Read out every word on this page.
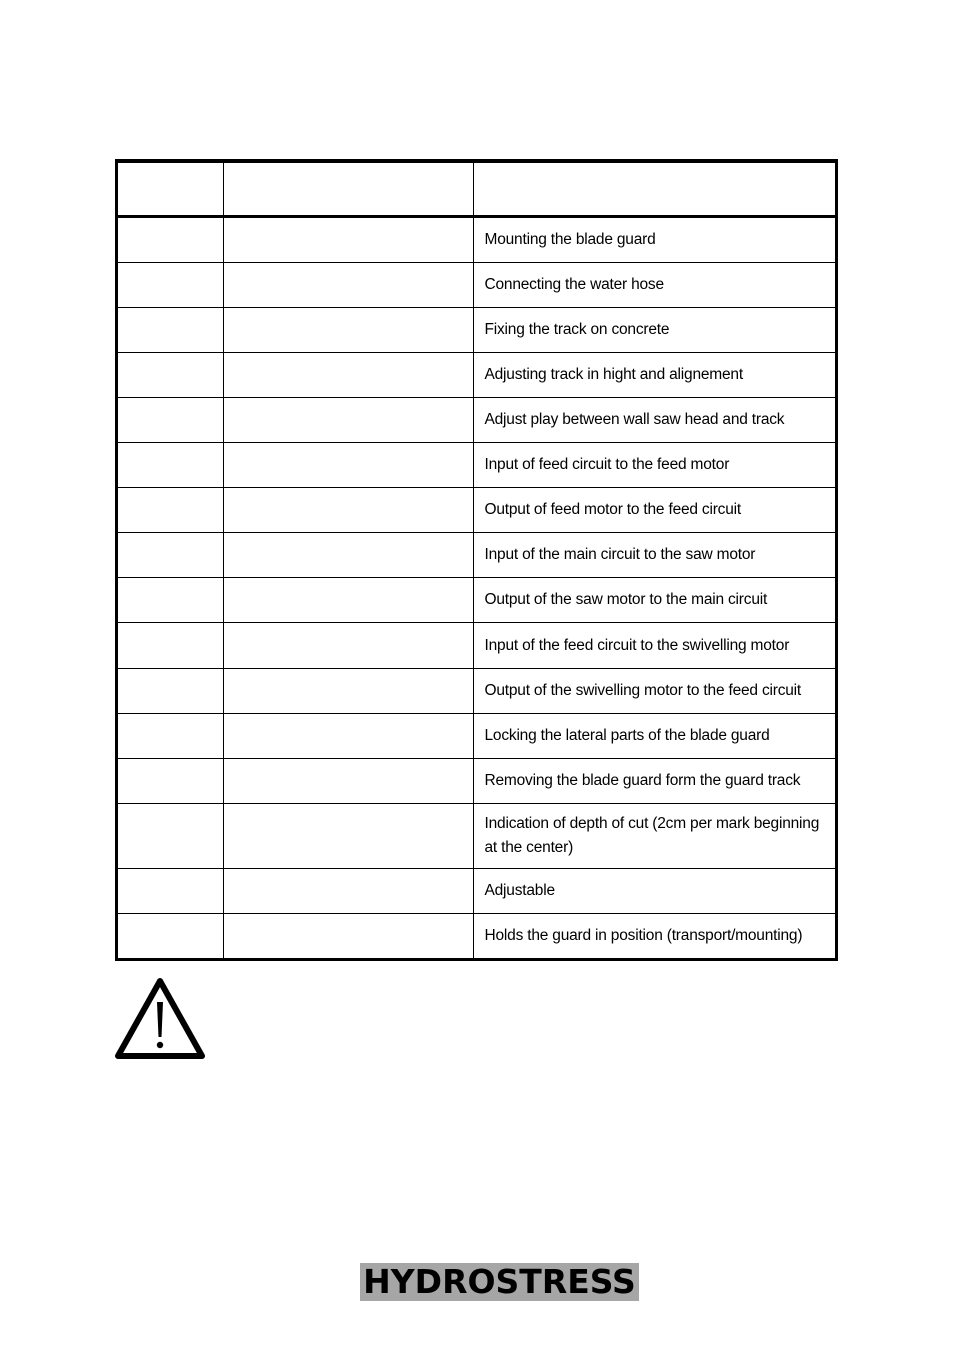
		Mounting the blade guard
		Connecting the water hose
		Fixing the track on concrete
		Adjusting track in hight and alignement
		Adjust play between wall saw head and track
		Input of feed circuit to the feed motor
		Output of feed motor to the feed circuit
		Input of the main circuit to the saw motor
		Output of the saw motor to the main circuit
		Input of the feed circuit to the swivelling motor
		Output of the swivelling motor to the feed circuit
		Locking the lateral parts of the blade guard
		Removing the blade guard form the guard track
		Indication of depth of cut (2cm per mark beginning at the center)
		Adjustable
		Holds the guard in position (transport/mounting)
HYDROSTRESS
